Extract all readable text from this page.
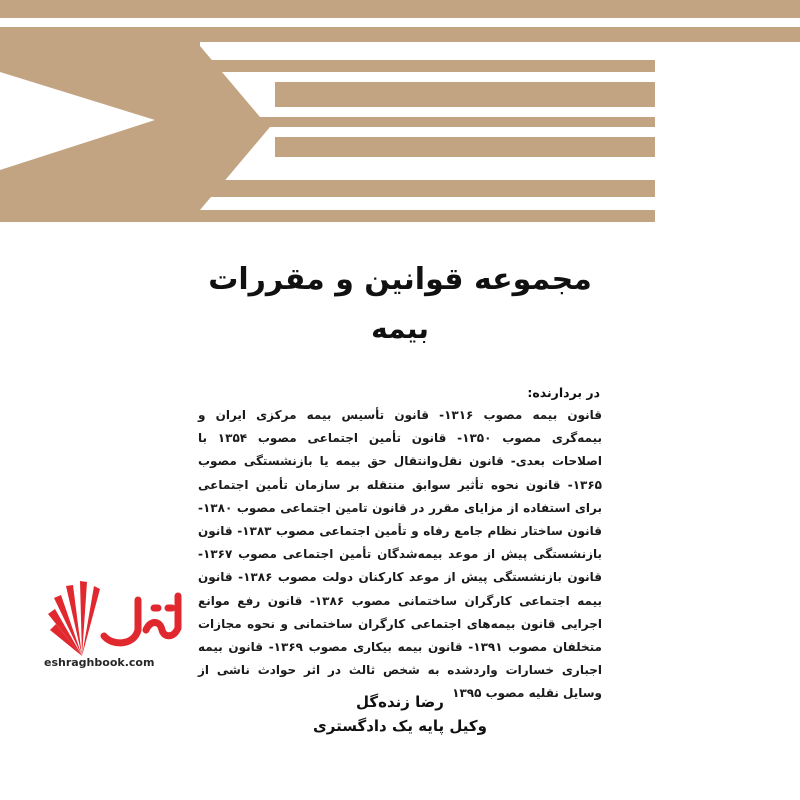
مجموعه قوانین و مقررات
بیمه
در بردارنده:

قانون بیمه مصوب ۱۳۱۶- قانون تأسیس بیمه مرکزی ایران و بیمه‌گری مصوب ۱۳۵۰- قانون تأمین اجتماعی مصوب ۱۳۵۴ با اصلاحات بعدی- قانون نقل‌وانتقال حق بیمه یا بازنشستگی مصوب ۱۳۶۵- قانون نحوه تأثیر سوابق منتقله بر سازمان تأمین اجتماعی برای استفاده از مزایای مقرر در قانون تامین اجتماعی مصوب ۱۳۸۰- قانون ساختار نظام جامع رفاه و تأمین اجتماعی مصوب ۱۳۸۳- قانون بازنشستگی پیش از موعد بیمه‌شدگان تأمین اجتماعی مصوب ۱۳۶۷- قانون بازنشستگی پیش از موعد کارکنان دولت مصوب ۱۳۸۶- قانون بیمه اجتماعی کارگران ساختمانی مصوب ۱۳۸۶- قانون رفع موانع اجرایی قانون بیمه‌های اجتماعی کارگران ساختمانی و نحوه مجازات متخلفان مصوب ۱۳۹۱- قانون بیمه بیکاری مصوب ۱۳۶۹- قانون بیمه اجباری خسارات واردشده به شخص ثالث در اثر حوادث ناشی از وسایل نقلیه مصوب ۱۳۹۵

رضا زنده‌گل
وکیل پایه یک دادگستری
اشراق
eshraghbook.com
